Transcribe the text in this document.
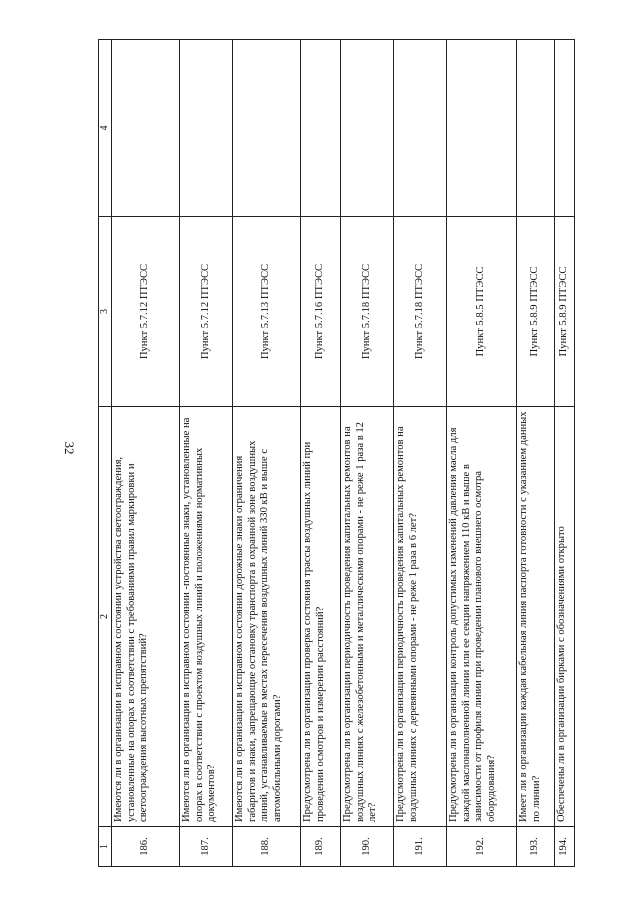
32
1	2	3	4
186.	Имеются ли в организации в исправном состоянии устройства светоограждения, установленные на опорах в соответствии с требованиями правил маркировки и светоограждения высотных препятствий?	Пункт 5.7.12 ПТЭСС	
187.	Имеются ли в организации в исправном состоянии -постоянные знаки, установленные на опорах в соответствии с проектом воздушных линий и положениями нормативных документов?	Пункт 5.7.12 ПТЭСС	
188.	Имеются ли в организации в исправном состоянии дорожные знаки ограничения габаритов и знаки, запрещающие остановку транспорта в охранной зоне воздушных линий, устанавливаемые в местах пересечения воздушных линий 330 кВ и выше с автомобильными дорогами?	Пункт 5.7.13 ПТЭСС	
189.	Предусмотрена ли в организации проверка состояния трассы воздушных линий при проведении осмотров и измерении расстояний?	Пункт 5.7.16 ПТЭСС	
190.	Предусмотрена ли в организации периодичность проведения капитальных ремонтов на воздушных линиях с железобетонными и металлическими опорами - не реже 1 раза в 12 лет?	Пункт 5.7.18 ПТЭСС	
191.	Предусмотрена ли в организации периодичность проведения капитальных ремонтов на воздушных линиях с деревянными опорами - не реже 1 раза в 6 лет?	Пункт 5.7.18 ПТЭСС	
192.	Предусмотрена ли в организации контроль допустимых изменений давления масла для каждой маслонаполненной линии или ее секции напряжением 110 кВ и выше в зависимости от профиля линии при проведении планового внешнего осмотра оборудования?	Пункт 5.8.5 ПТЭСС	
193.	Имеет ли в организации каждая кабельная линия паспорта готовности с указанием данных по линии?	Пункт 5.8.9 ПТЭСС	
194.	Обеспечены ли в организации бирками с обозначениями открыто	Пункт 5.8.9 ПТЭСС	
